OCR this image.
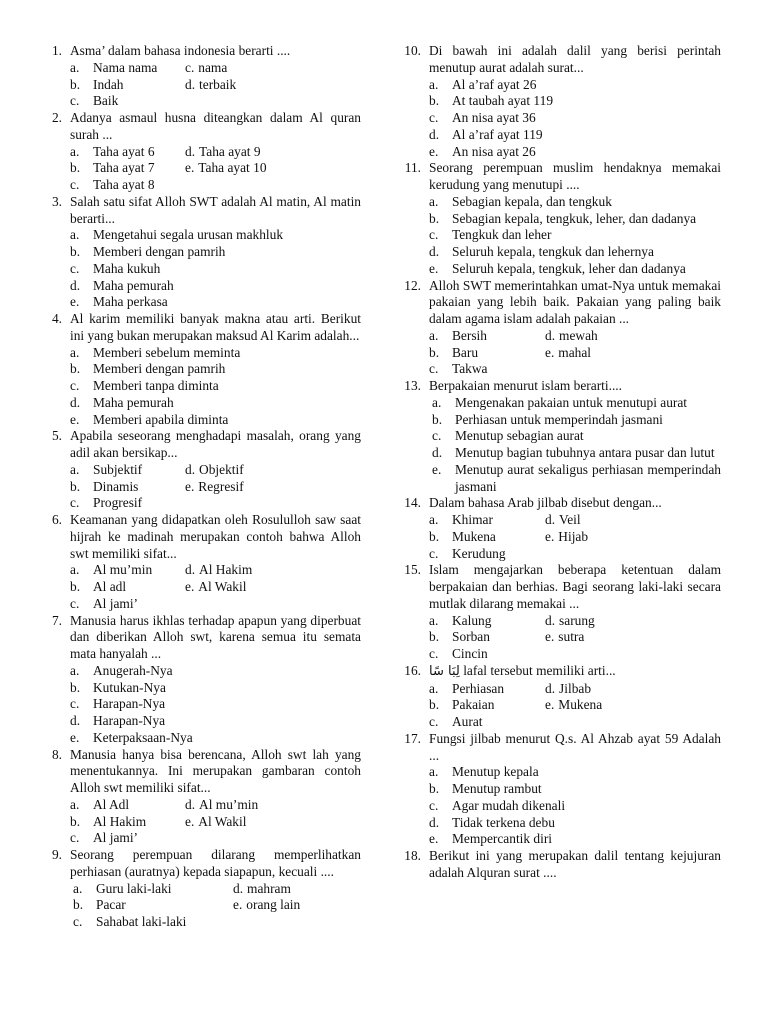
1. Asma’ dalam bahasa indonesia berarti ....
a.	Nama nama c. nama
b. Indah	d. terbaik
c.	Baik
2. Adanya asmaul husna diteangkan dalam Al quran surah ...
a.	Taha ayat 6 d. Taha ayat 9
b. Taha ayat 7 e. Taha ayat 10
c.	Taha ayat 8
3. Salah satu sifat Alloh SWT adalah Al matin, Al matin berarti...
a.	Mengetahui segala urusan makhluk
b. Memberi dengan pamrih
c.	Maha kukuh
d. Maha pemurah
e.	Maha perkasa
4. Al karim memiliki banyak makna atau arti. Berikut ini yang bukan merupakan maksud Al Karim adalah...
a.	Memberi sebelum meminta
b. Memberi dengan pamrih
c.	Memberi tanpa diminta
d. Maha pemurah
e.	Memberi apabila diminta
5. Apabila seseorang menghadapi masalah, orang yang adil akan bersikap...
a.	Subjektif	d. Objektif
b. Dinamis	e. Regresif
c.	Progresif
6. Keamanan yang didapatkan oleh Rosululloh saw saat hijrah ke madinah merupakan contoh bahwa Alloh swt memiliki sifat...
a.	Al mu’min d. Al Hakim
b. Al adl	e. Al Wakil
c.	Al jami’
7. Manusia harus ikhlas terhadap apapun yang diperbuat dan diberikan Alloh swt, karena semua itu semata mata hanyalah ...
a.	Anugerah-Nya
b. Kutukan-Nya
c.	Harapan-Nya
d. Harapan-Nya
e.	Keterpaksaan-Nya
8. Manusia hanya bisa berencana, Alloh swt lah yang menentukannya. Ini merupakan gambaran contoh Alloh swt memiliki sifat...
a.	Al Adl	d. Al mu’min
b. Al Hakim	e. Al Wakil
c.	Al jami’
9. Seorang perempuan dilarang memperlihatkan perhiasan (auratnya) kepada siapapun, kecuali ....
a.	Guru laki-laki	d. mahram
b. Pacar	e. orang lain
c.	Sahabat laki-laki
10. Di bawah ini adalah dalil yang berisi perintah menutup aurat adalah surat...
a.	Al a’raf ayat 26
b. At taubah ayat 119
c.	An nisa ayat 36
d. Al a’raf ayat 119
e.	An nisa ayat 26
11. Seorang perempuan muslim hendaknya memakai kerudung yang menutupi ....
a.	Sebagian kepala, dan tengkuk
b. Sebagian kepala, tengkuk, leher, dan dadanya
c.	Tengkuk dan leher
d. Seluruh kepala, tengkuk dan lehernya
e.	Seluruh kepala, tengkuk, leher dan dadanya
12. Alloh SWT memerintahkan umat-Nya untuk memakai pakaian yang lebih baik. Pakaian yang paling baik dalam agama islam adalah pakaian ...
a.	Bersih	d. mewah
b. Baru	e. mahal
c.	Takwa
13. Berpakaian menurut islam berarti....
a.	Mengenakan pakaian untuk menutupi aurat
b. Perhiasan untuk memperindah jasmani
c.	Menutup sebagian aurat
d. Menutup bagian tubuhnya antara pusar dan lutut
e.	Menutup aurat sekaligus perhiasan memperindah jasmani
14. Dalam bahasa Arab jilbab disebut dengan...
a.	Khimar	d. Veil
b. Mukena	e. Hijab
c.	Kerudung
15. Islam mengajarkan beberapa ketentuan dalam berpakaian dan berhias. Bagi seorang laki-laki secara mutlak dilarang memakai ...
a.	Kalung	d. sarung
b. Sorban	e. sutra
c.	Cincin
16. لِبَا سًا lafal tersebut memiliki arti...
a.	Perhiasan	d. Jilbab
b. Pakaian	e. Mukena
c.	Aurat
17. Fungsi jilbab menurut Q.s. Al Ahzab ayat 59 Adalah ...
a.	Menutup kepala
b. Menutup rambut
c.	Agar mudah dikenali
d. Tidak terkena debu
e.	Mempercantik diri
18. Berikut ini yang merupakan dalil tentang kejujuran adalah Alquran surat ....
